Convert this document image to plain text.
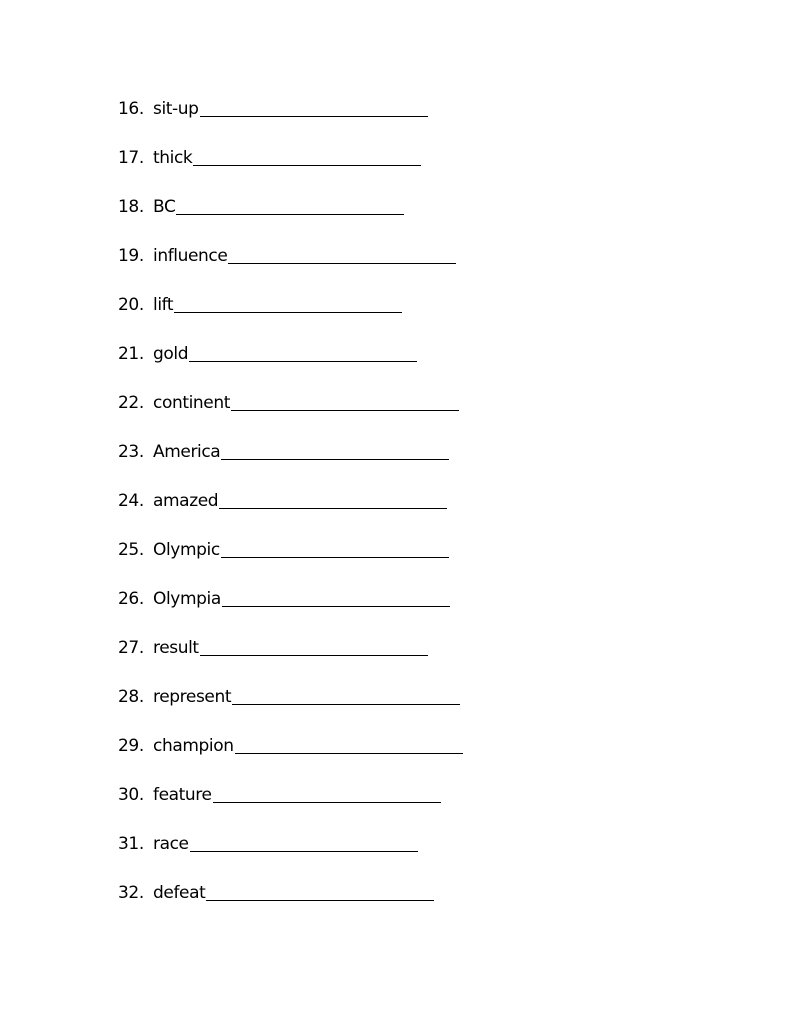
16. sit-up
17. thick
18. BC
19. influence
20. lift
21. gold
22. continent
23. America
24. amazed
25. Olympic
26. Olympia
27. result
28. represent
29. champion
30. feature
31. race
32. defeat
